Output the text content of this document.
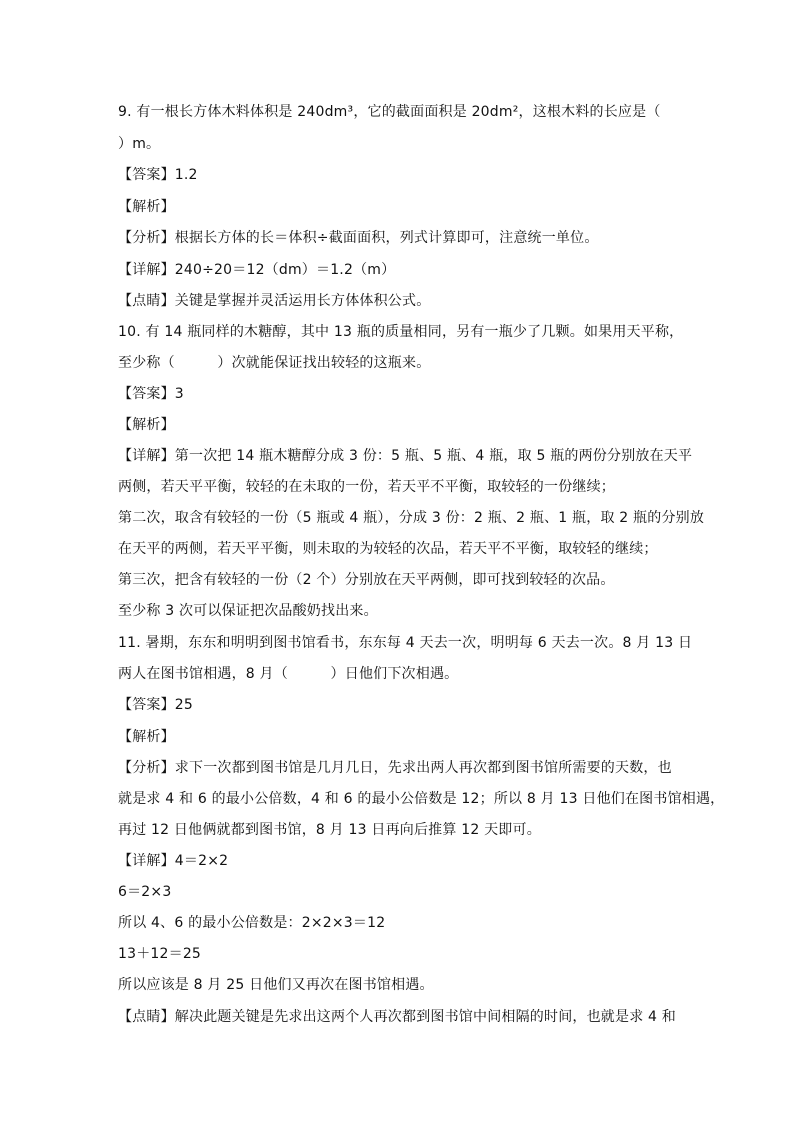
9. 有一根长方体木料体积是 240dm³，它的截面面积是 20dm²，这根木料的长应是（
）m。
【答案】1.2
【解析】
【分析】根据长方体的长＝体积÷截面面积，列式计算即可，注意统一单位。
【详解】240÷20＝12（dm）＝1.2（m）
【点睛】关键是掌握并灵活运用长方体体积公式。
10. 有 14 瓶同样的木糖醇，其中 13 瓶的质量相同，另有一瓶少了几颗。如果用天平称，
至少称（　　　）次就能保证找出较轻的这瓶来。
【答案】3
【解析】
【详解】第一次把 14 瓶木糖醇分成 3 份：5 瓶、5 瓶、4 瓶，取 5 瓶的两份分别放在天平
两侧，若天平平衡，较轻的在未取的一份，若天平不平衡，取较轻的一份继续；
第二次，取含有较轻的一份（5 瓶或 4 瓶），分成 3 份：2 瓶、2 瓶、1 瓶，取 2 瓶的分别放
在天平的两侧，若天平平衡，则未取的为较轻的次品，若天平不平衡，取较轻的继续；
第三次，把含有较轻的一份（2 个）分别放在天平两侧，即可找到较轻的次品。
至少称 3 次可以保证把次品酸奶找出来。
11. 暑期，东东和明明到图书馆看书，东东每 4 天去一次，明明每 6 天去一次。8 月 13 日
两人在图书馆相遇，8 月（　　　）日他们下次相遇。
【答案】25
【解析】
【分析】求下一次都到图书馆是几月几日，先求出两人再次都到图书馆所需要的天数，也
就是求 4 和 6 的最小公倍数，4 和 6 的最小公倍数是 12；所以 8 月 13 日他们在图书馆相遇，
再过 12 日他俩就都到图书馆，8 月 13 日再向后推算 12 天即可。
【详解】4＝2×2
6＝2×3
所以 4、6 的最小公倍数是：2×2×3＝12
13＋12＝25
所以应该是 8 月 25 日他们又再次在图书馆相遇。
【点睛】解决此题关键是先求出这两个人再次都到图书馆中间相隔的时间，也就是求 4 和
